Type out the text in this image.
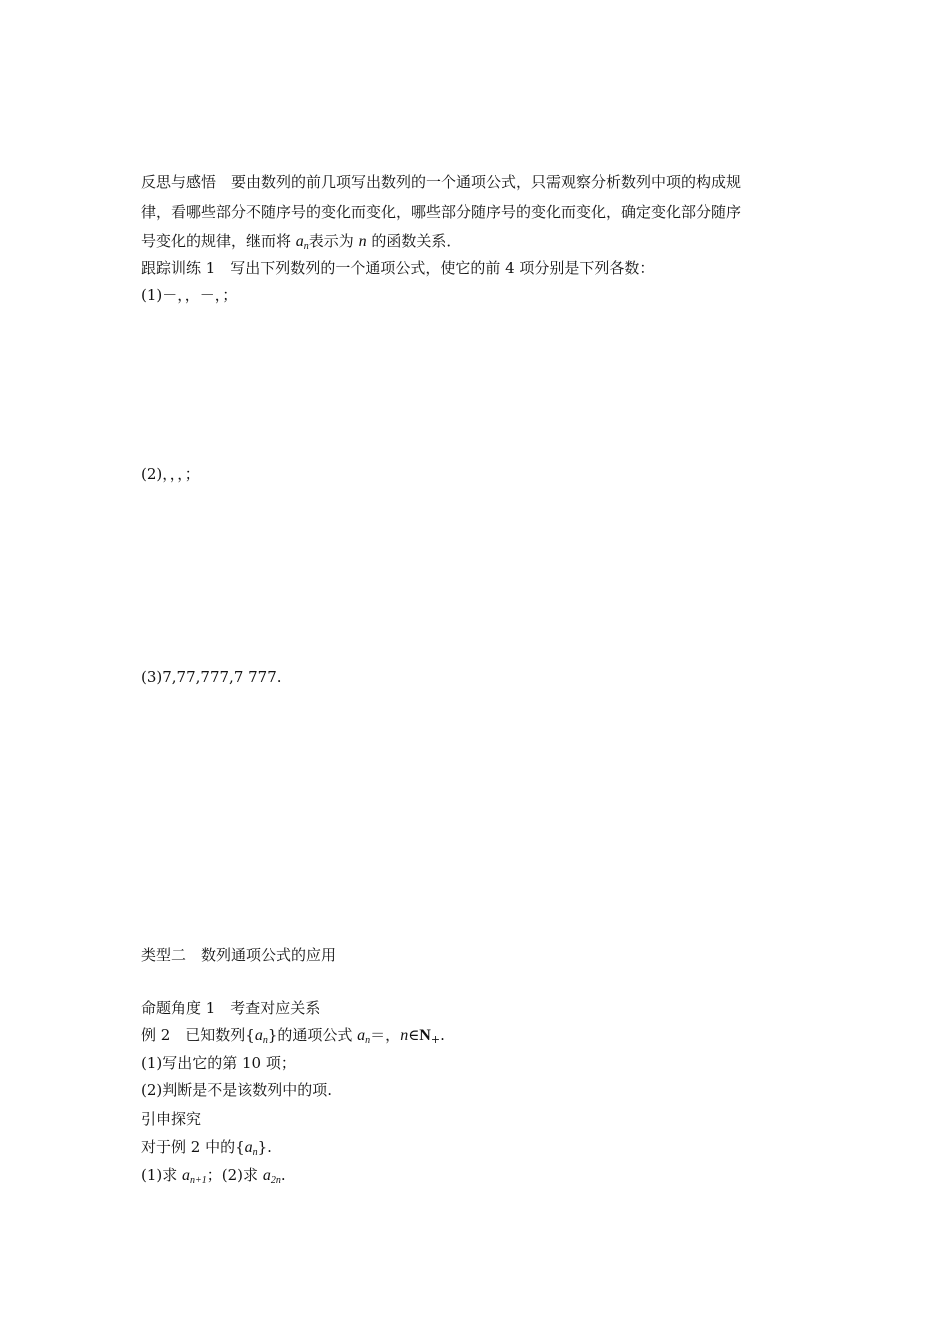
反思与感悟　要由数列的前几项写出数列的一个通项公式，只需观察分析数列中项的构成规
律，看哪些部分不随序号的变化而变化，哪些部分随序号的变化而变化，确定变化部分随序
号变化的规律，继而将 $a_n$表示为 n 的函数关系．
跟踪训练 1　写出下列数列的一个通项公式，使它的前 4 项分别是下列各数：
(1)－，，－，；
(2)，，，；
(3)7,77,777,7 777.
类型二　数列通项公式的应用
命题角度 1　考查对应关系
例 2　已知数列$\{a_n\}$的通项公式 $a_n=$，$n\in N_+$.
(1)写出它的第 10 项；
(2)判断是不是该数列中的项.
引申探究
对于例 2 中的$\{a_n\}$.
(1)求 $a_{n+1}$；(2)求 $a_{2n}$.
